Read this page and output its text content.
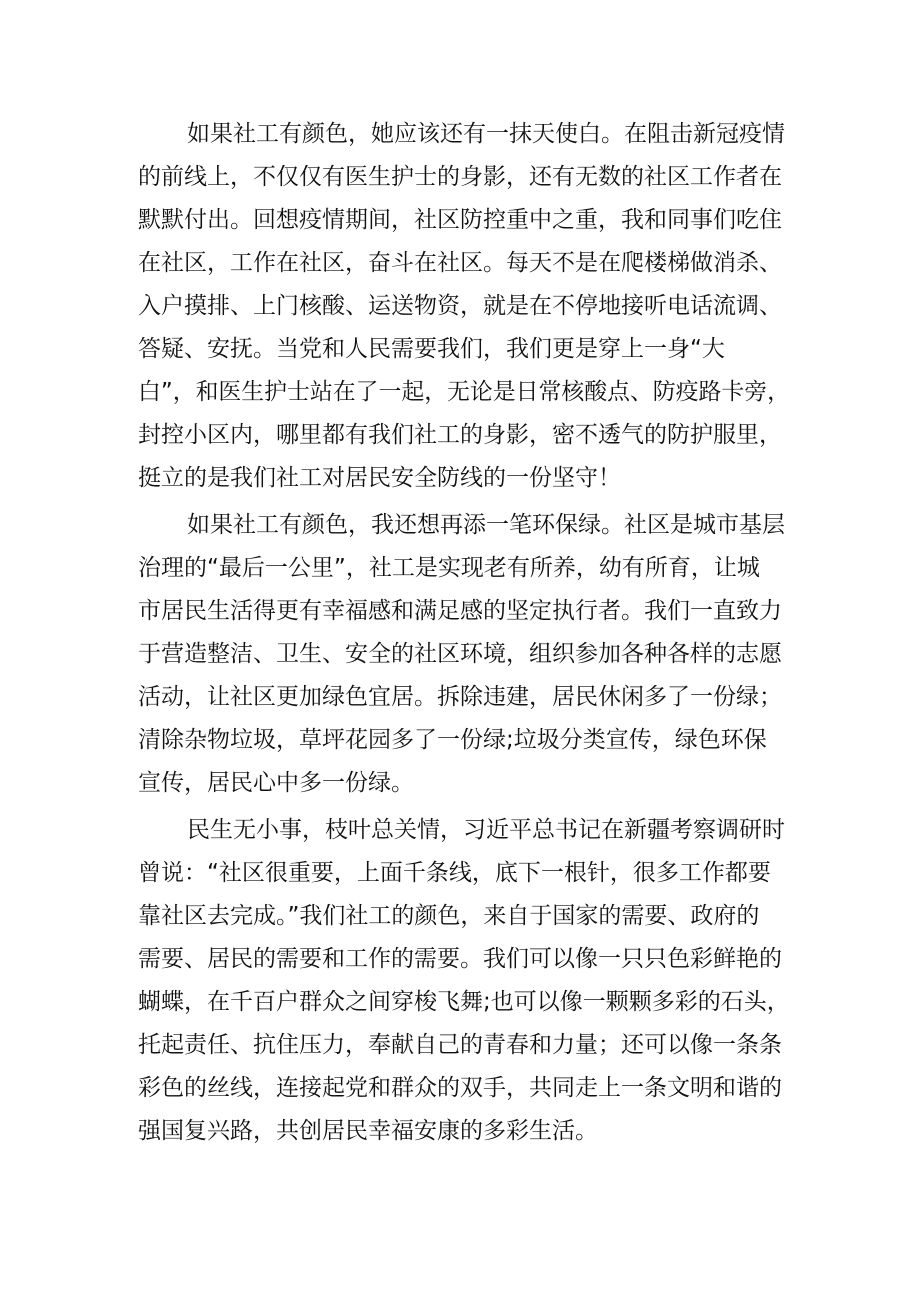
如果社工有颜色，她应该还有一抹天使白。在阻击新冠疫情
的前线上，不仅仅有医生护士的身影，还有无数的社区工作者在
默默付出。回想疫情期间，社区防控重中之重，我和同事们吃住
在社区，工作在社区，奋斗在社区。每天不是在爬楼梯做消杀、
入户摸排、上门核酸、运送物资，就是在不停地接听电话流调、
答疑、安抚。当党和人民需要我们，我们更是穿上一身“大
白”，和医生护士站在了一起，无论是日常核酸点、防疫路卡旁，
封控小区内，哪里都有我们社工的身影，密不透气的防护服里，
挺立的是我们社工对居民安全防线的一份坚守！
如果社工有颜色，我还想再添一笔环保绿。社区是城市基层
治理的“最后一公里”，社工是实现老有所养，幼有所育，让城
市居民生活得更有幸福感和满足感的坚定执行者。我们一直致力
于营造整洁、卫生、安全的社区环境，组织参加各种各样的志愿
活动，让社区更加绿色宜居。拆除违建，居民休闲多了一份绿；
清除杂物垃圾，草坪花园多了一份绿;垃圾分类宣传，绿色环保
宣传，居民心中多一份绿。
民生无小事，枝叶总关情，习近平总书记在新疆考察调研时
曾说：“社区很重要，上面千条线，底下一根针，很多工作都要
靠社区去完成。”我们社工的颜色，来自于国家的需要、政府的
需要、居民的需要和工作的需要。我们可以像一只只色彩鲜艳的
蝴蝶，在千百户群众之间穿梭飞舞;也可以像一颗颗多彩的石头，
托起责任、抗住压力，奉献自己的青春和力量；还可以像一条条
彩色的丝线，连接起党和群众的双手，共同走上一条文明和谐的
强国复兴路，共创居民幸福安康的多彩生活。
